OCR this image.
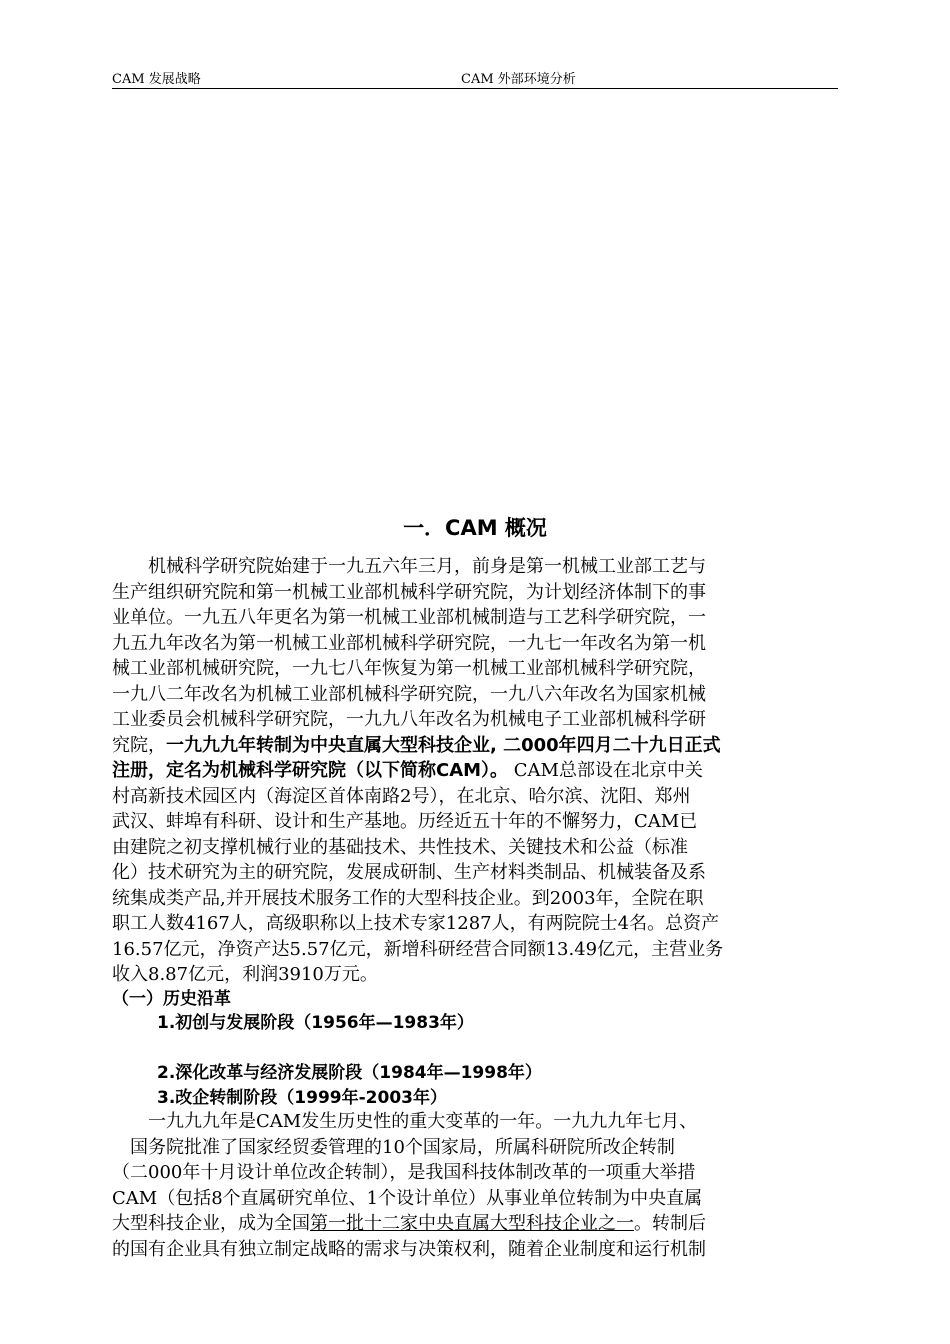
CAM 发展战略	CAM 外部环境分析
一．CAM 概况
　　机械科学研究院始建于一九五六年三月，前身是第一机械工业部工艺与
生产组织研究院和第一机械工业部机械科学研究院，为计划经济体制下的事
业单位。一九五八年更名为第一机械工业部机械制造与工艺科学研究院，一
九五九年改名为第一机械工业部机械科学研究院，一九七一年改名为第一机
械工业部机械研究院，一九七八年恢复为第一机械工业部机械科学研究院，
一九八二年改名为机械工业部机械科学研究院，一九八六年改名为国家机械
工业委员会机械科学研究院，一九九八年改名为机械电子工业部机械科学研
究院，一九九九年转制为中央直属大型科技企业, 二000年四月二十九日正式
注册，定名为机械科学研究院（以下简称CAM）。 CAM总部设在北京中关
村高新技术园区内（海淀区首体南路2号），在北京、哈尔滨、沈阳、郑州
武汉、蚌埠有科研、设计和生产基地。历经近五十年的不懈努力，CAM已
由建院之初支撑机械行业的基础技术、共性技术、关键技术和公益（标准
化）技术研究为主的研究院，发展成研制、生产材料类制品、机械装备及系
统集成类产品,并开展技术服务工作的大型科技企业。到2003年，全院在职
职工人数4167人，高级职称以上技术专家1287人，有两院院士4名。总资产
16.57亿元，净资产达5.57亿元，新增科研经营合同额13.49亿元，主营业务
收入8.87亿元，利润3910万元。
（一）历史沿革
1.初创与发展阶段（1956年—1983年）
2.深化改革与经济发展阶段（1984年—1998年）
3.改企转制阶段（1999年-2003年）
　　一九九九年是CAM发生历史性的重大变革的一年。一九九九年七月、
　国务院批准了国家经贸委管理的10个国家局，所属科研院所改企转制
（二000年十月设计单位改企转制），是我国科技体制改革的一项重大举措
CAM（包括8个直属研究单位、1个设计单位）从事业单位转制为中央直属
大型科技企业，成为全国第一批十二家中央直属大型科技企业之一。转制后
的国有企业具有独立制定战略的需求与决策权利，随着企业制度和运行机制
